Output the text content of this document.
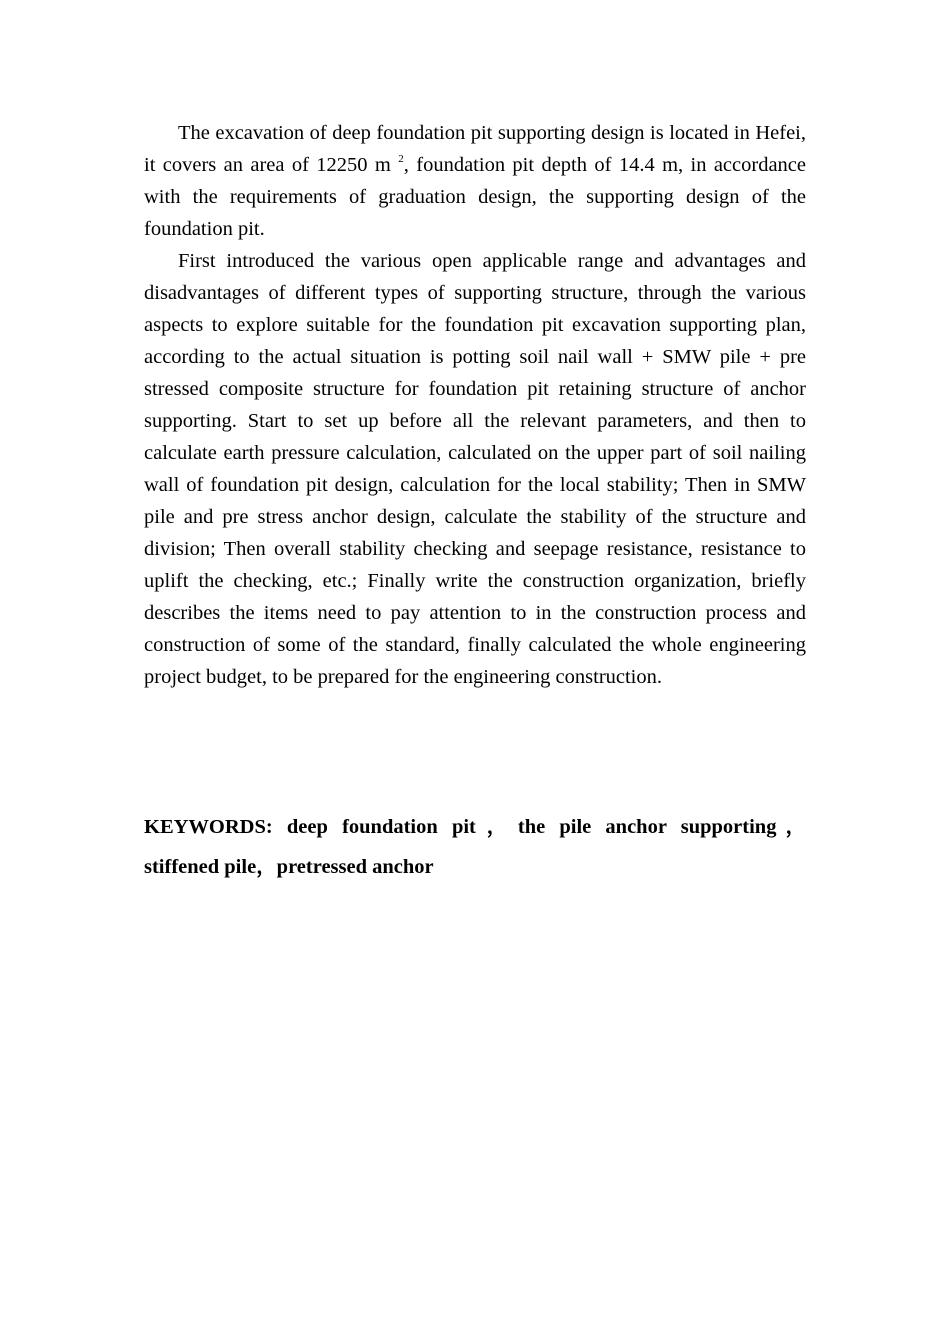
The excavation of deep foundation pit supporting design is located in Hefei, it covers an area of 12250 m $^2$, foundation pit depth of 14.4 m, in accordance with the requirements of graduation design, the supporting design of the foundation pit.

First introduced the various open applicable range and advantages and disadvantages of different types of supporting structure, through the various aspects to explore suitable for the foundation pit excavation supporting plan, according to the actual situation is potting soil nail wall + SMW pile + pre stressed composite structure for foundation pit retaining structure of anchor supporting. Start to set up before all the relevant parameters, and then to calculate earth pressure calculation, calculated on the upper part of soil nailing wall of foundation pit design, calculation for the local stability; Then in SMW pile and pre stress anchor design, calculate the stability of the structure and division; Then overall stability checking and seepage resistance, resistance to uplift the checking, etc.; Finally write the construction organization, briefly describes the items need to pay attention to in the construction process and construction of some of the standard, finally calculated the whole engineering project budget, to be prepared for the engineering construction.

KEYWORDS: deep foundation pit ， the pile anchor supporting，stiffened pile，pretressed anchor
